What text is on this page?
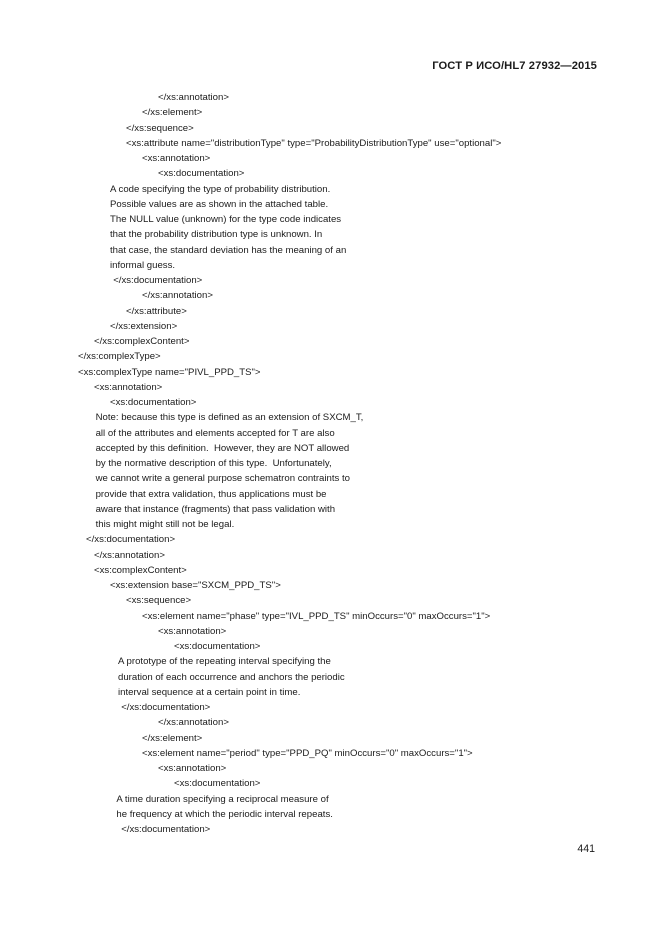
ГОСТ Р ИСО/HL7 27932—2015
</xs:annotation>
</xs:element>
</xs:sequence>
<xs:attribute name="distributionType" type="ProbabilityDistributionType" use="optional">
<xs:annotation>
<xs:documentation>
A code specifying the type of probability distribution.
Possible values are as shown in the attached table.
The NULL value (unknown) for the type code indicates
that the probability distribution type is unknown. In
that case, the standard deviation has the meaning of an
informal guess.
</xs:documentation>
</xs:annotation>
</xs:attribute>
</xs:extension>
</xs:complexContent>
</xs:complexType>
<xs:complexType name="PIVL_PPD_TS">
<xs:annotation>
<xs:documentation>
Note: because this type is defined as an extension of SXCM_T,
all of the attributes and elements accepted for T are also
accepted by this definition.  However, they are NOT allowed
by the normative description of this type.  Unfortunately,
we cannot write a general purpose schematron contraints to
provide that extra validation, thus applications must be
aware that instance (fragments) that pass validation with
this might might still not be legal.
</xs:documentation>
</xs:annotation>
<xs:complexContent>
<xs:extension base="SXCM_PPD_TS">
<xs:sequence>
<xs:element name="phase" type="IVL_PPD_TS" minOccurs="0" maxOccurs="1">
<xs:annotation>
<xs:documentation>
A prototype of the repeating interval specifying the
duration of each occurrence and anchors the periodic
interval sequence at a certain point in time.
</xs:documentation>
</xs:annotation>
</xs:element>
<xs:element name="period" type="PPD_PQ" minOccurs="0" maxOccurs="1">
<xs:annotation>
<xs:documentation>
A time duration specifying a reciprocal measure of
he frequency at which the periodic interval repeats.
</xs:documentation>
441
